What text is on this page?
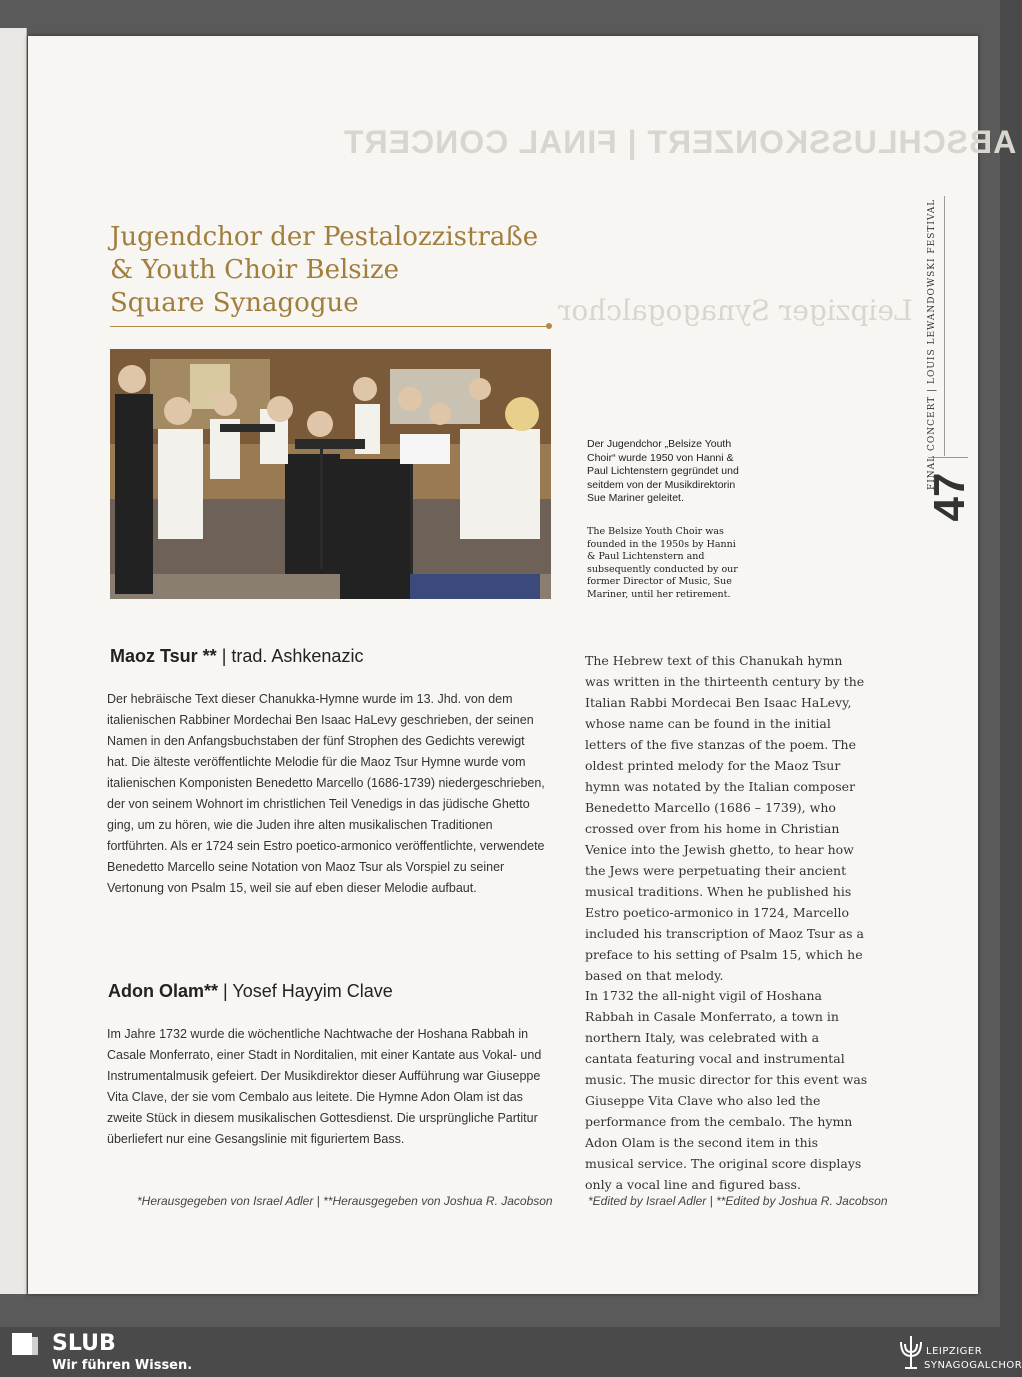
ABSCHLUSSKONZERT | FINAL CONCERT
Leipziger Synagogalchor FINAL CONCERT | LOUIS LEWANDOWSKI FESTIVAL
47
Jugendchor der Pestalozzistraße
& Youth Choir Belsize
Square Synagogue
Der Jugendchor „Belsize Youth Choir“ wurde 1950 von Hanni & Paul Lichtenstern gegründet und seitdem von der Musikdirektorin Sue Mariner geleitet.
The Belsize Youth Choir was founded in the 1950s by Hanni & Paul Lichtenstern and subsequently conducted by our former Director of Music, Sue Mariner, until her retirement.
Maoz Tsur ** | trad. Ashkenazic
Der hebräische Text dieser Chanukka-Hymne wurde im 13. Jhd. von dem italienischen Rabbiner Mordechai Ben Isaac HaLevy geschrieben, der seinen Namen in den Anfangsbuchstaben der fünf Strophen des Gedichts verewigt hat. Die älteste veröffentlichte Melodie für die Maoz Tsur Hymne wurde vom italienischen Komponisten Benedetto Marcello (1686-1739) niedergeschrieben, der von seinem Wohnort im christlichen Teil Venedigs in das jüdische Ghetto ging, um zu hören, wie die Juden ihre alten musikalischen Traditionen fortführten. Als er 1724 sein Estro poetico-armonico veröffentlichte, verwendete Benedetto Marcello seine Notation von Maoz Tsur als Vorspiel zu seiner Vertonung von Psalm 15, weil sie auf eben dieser Melodie aufbaut.
The Hebrew text of this Chanukah hymn was written in the thirteenth century by the Italian Rabbi Mordecai Ben Isaac HaLevy, whose name can be found in the initial letters of the five stanzas of the poem. The oldest printed melody for the Maoz Tsur hymn was notated by the Italian composer Benedetto Marcello (1686 – 1739), who crossed over from his home in Christian Venice into the Jewish ghetto, to hear how the Jews were perpetuating their ancient musical traditions. When he published his Estro poetico-armonico in 1724, Marcello included his transcription of Maoz Tsur as a preface to his setting of Psalm 15, which he based on that melody.
Adon Olam** | Yosef Hayyim Clave
Im Jahre 1732 wurde die wöchentliche Nachtwache der Hoshana Rabbah in Casale Monferrato, einer Stadt in Norditalien, mit einer Kantate aus Vokal- und Instrumentalmusik gefeiert. Der Musikdirektor dieser Aufführung war Giuseppe Vita Clave, der sie vom Cembalo aus leitete. Die Hymne Adon Olam ist das zweite Stück in diesem musikalischen Gottesdienst. Die ursprüngliche Partitur überliefert nur eine Gesangslinie mit figuriertem Bass.
In 1732 the all-night vigil of Hoshana Rabbah in Casale Monferrato, a town in northern Italy, was celebrated with a cantata featuring vocal and instrumental music. The music director for this event was Giuseppe Vita Clave who also led the performance from the cembalo. The hymn Adon Olam is the second item in this musical service. The original score displays only a vocal line and figured bass.
*Herausgegeben von Israel Adler | **Herausgegeben von Joshua R. Jacobson	*Edited by Israel Adler | **Edited by Joshua R. Jacobson
SLUB
Wir führen Wissen.
LEIPZIGER
SYNAGOGALCHOR
